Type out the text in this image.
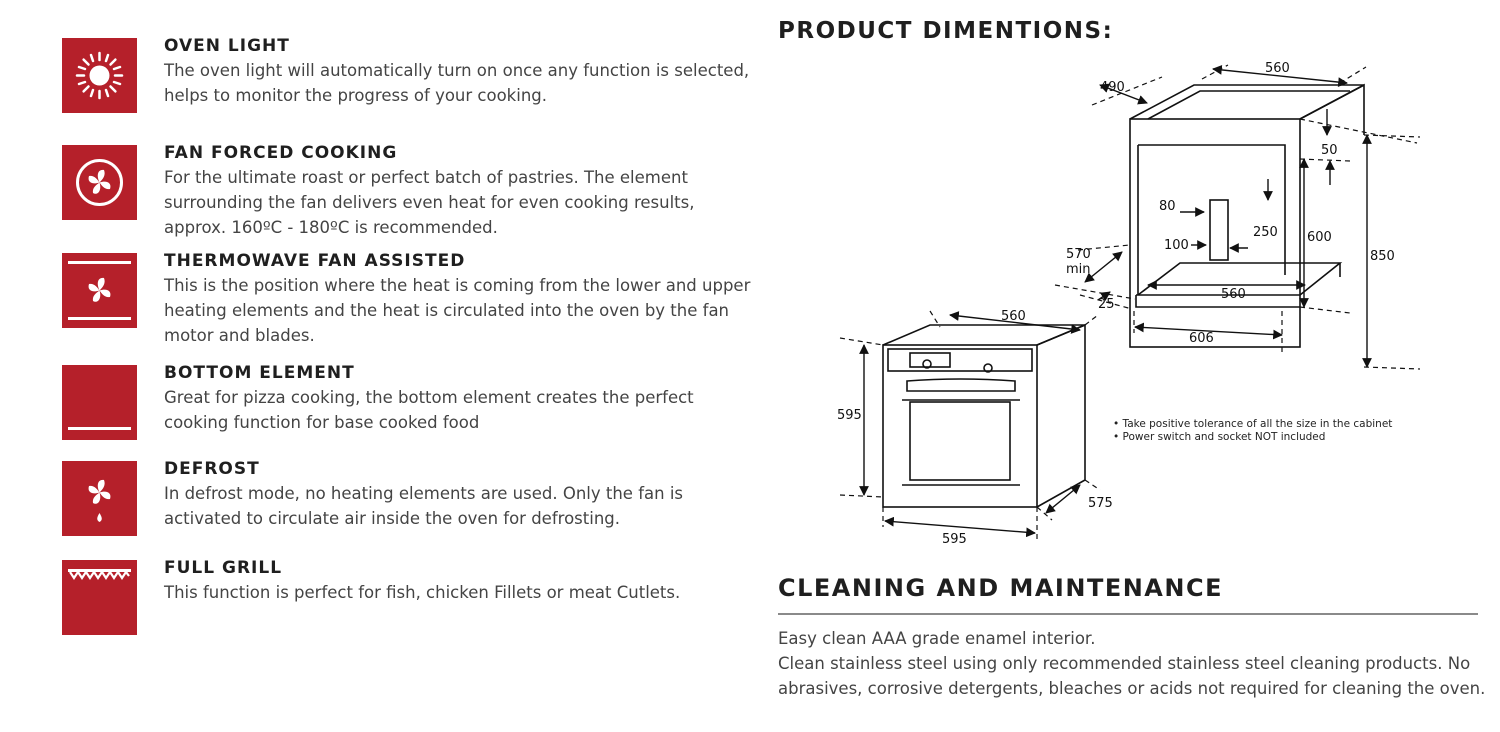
OVEN LIGHT
The oven light will automatically turn on once any function is selected, helps to monitor the progress of your cooking.
FAN FORCED COOKING
For the ultimate roast or perfect batch of pastries. The element surrounding the fan delivers even heat for even cooking results, approx. 160ºC - 180ºC is recommended.
THERMOWAVE FAN ASSISTED
This is the position where the heat is coming from the lower and upper heating elements and the heat is circulated into the oven by the fan motor and blades.
BOTTOM ELEMENT
Great for pizza cooking, the bottom element creates the perfect cooking function for base cooked food
DEFROST
In defrost mode, no heating elements are used. Only the fan is activated to circulate air inside the oven for defrosting.
FULL GRILL
This function is perfect for fish, chicken Fillets or meat Cutlets.
PRODUCT DIMENTIONS:
560
490
50
80
250
100
600
850
570
min
25
560
606
560
595
575
595
• Take positive tolerance of all the size in the cabinet
• Power switch and socket NOT included
CLEANING AND MAINTENANCE
Easy clean AAA grade enamel interior.
Clean stainless steel using only recommended stainless steel cleaning products. No
abrasives, corrosive detergents, bleaches or acids not required for cleaning the oven.
